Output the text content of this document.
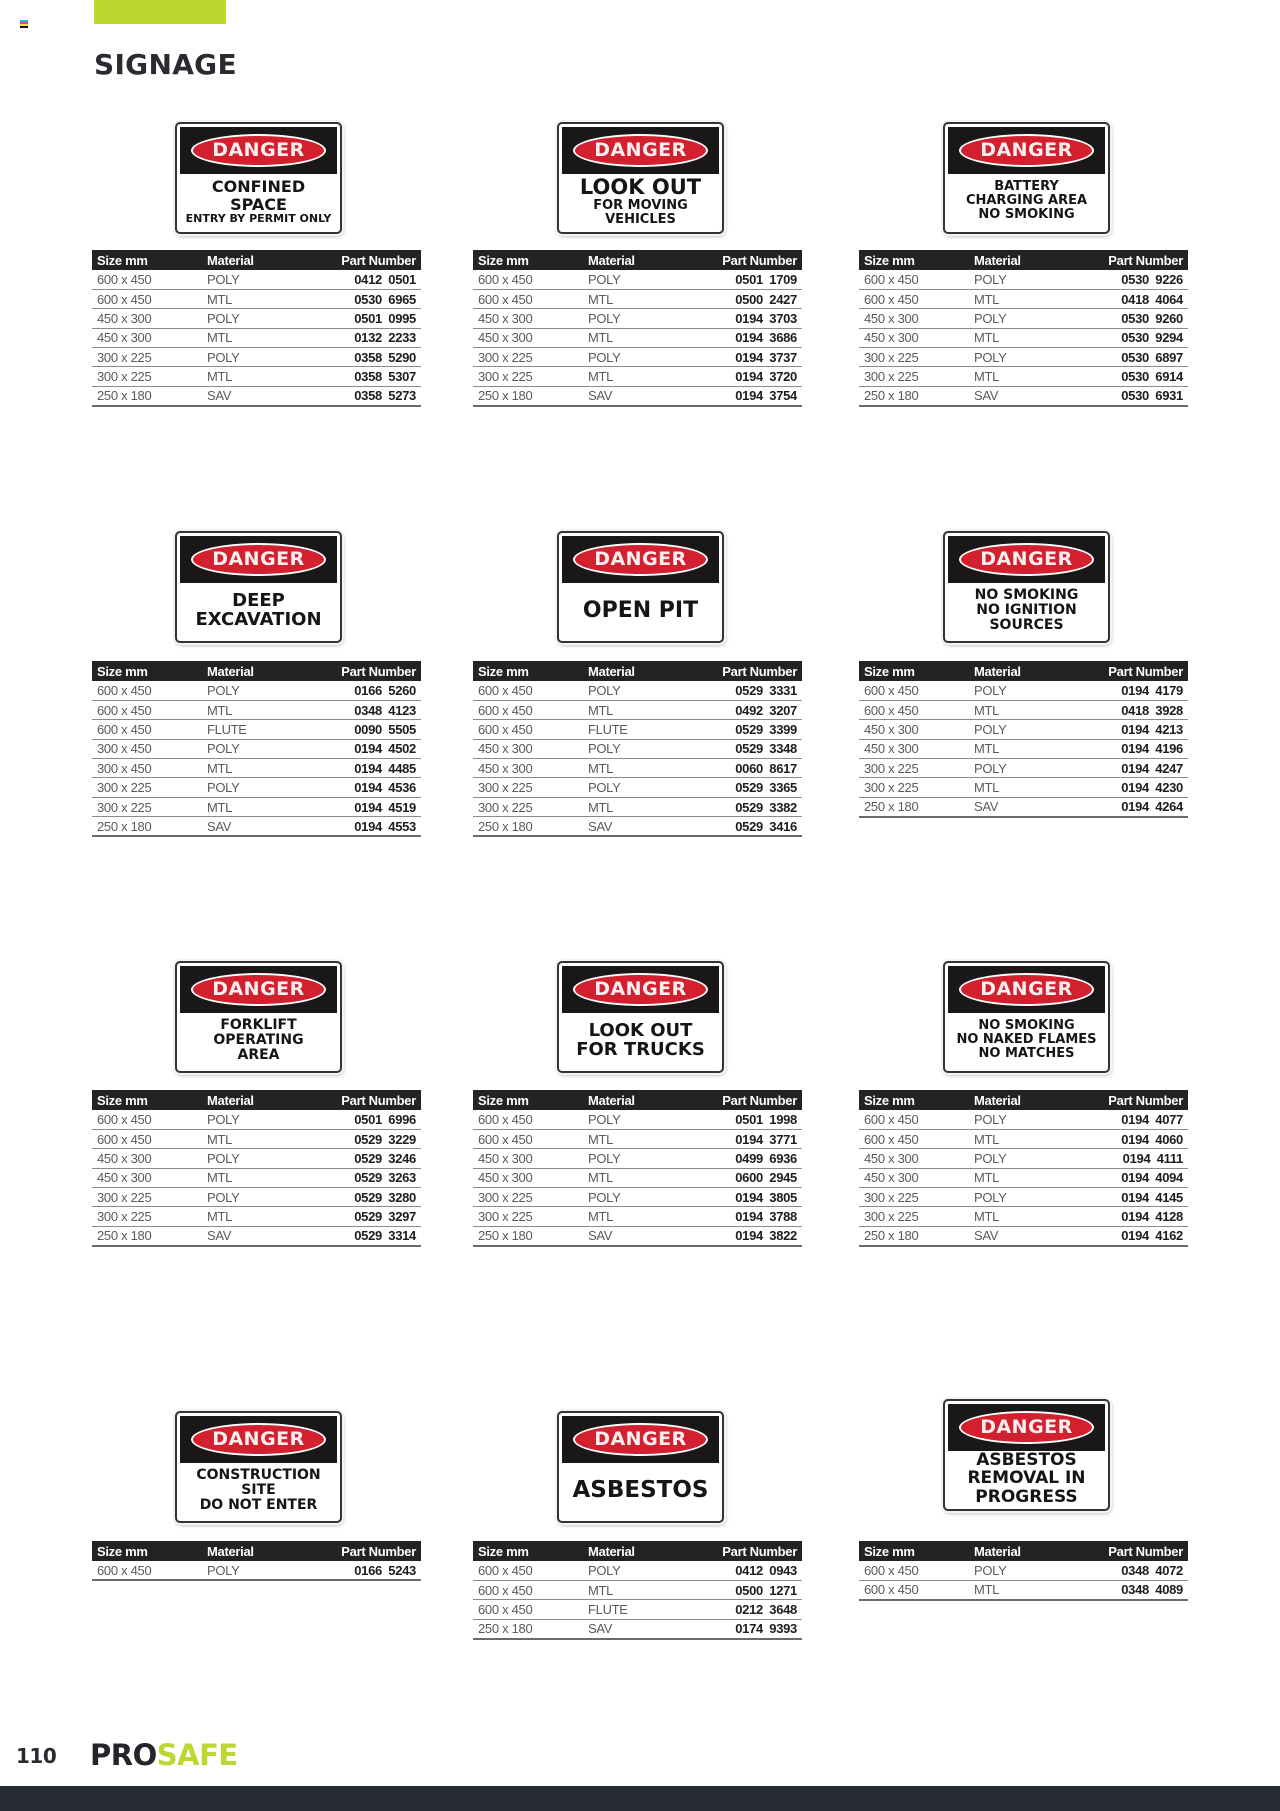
SIGNAGE
DANGER
CONFINED
SPACE
ENTRY BY PERMIT ONLY
Size mm	Material	Part Number
600 x 450	POLY	0412 0501
600 x 450	MTL	0530 6965
450 x 300	POLY	0501 0995
450 x 300	MTL	0132 2233
300 x 225	POLY	0358 5290
300 x 225	MTL	0358 5307
250 x 180	SAV	0358 5273
DANGER
LOOK OUT
FOR MOVING VEHICLES
Size mm	Material	Part Number
600 x 450	POLY	0501 1709
600 x 450	MTL	0500 2427
450 x 300	POLY	0194 3703
450 x 300	MTL	0194 3686
300 x 225	POLY	0194 3737
300 x 225	MTL	0194 3720
250 x 180	SAV	0194 3754
DANGER
BATTERY
CHARGING AREA
NO SMOKING
Size mm	Material	Part Number
600 x 450	POLY	0530 9226
600 x 450	MTL	0418 4064
450 x 300	POLY	0530 9260
450 x 300	MTL	0530 9294
300 x 225	POLY	0530 6897
300 x 225	MTL	0530 6914
250 x 180	SAV	0530 6931
DANGER
DEEP
EXCAVATION
Size mm	Material	Part Number
600 x 450	POLY	0166 5260
600 x 450	MTL	0348 4123
600 x 450	FLUTE	0090 5505
300 x 450	POLY	0194 4502
300 x 450	MTL	0194 4485
300 x 225	POLY	0194 4536
300 x 225	MTL	0194 4519
250 x 180	SAV	0194 4553
DANGER
OPEN PIT
Size mm	Material	Part Number
600 x 450	POLY	0529 3331
600 x 450	MTL	0492 3207
600 x 450	FLUTE	0529 3399
450 x 300	POLY	0529 3348
450 x 300	MTL	0060 8617
300 x 225	POLY	0529 3365
300 x 225	MTL	0529 3382
250 x 180	SAV	0529 3416
DANGER
NO SMOKING
NO IGNITION SOURCES
Size mm	Material	Part Number
600 x 450	POLY	0194 4179
600 x 450	MTL	0418 3928
450 x 300	POLY	0194 4213
450 x 300	MTL	0194 4196
300 x 225	POLY	0194 4247
300 x 225	MTL	0194 4230
250 x 180	SAV	0194 4264
DANGER
FORKLIFT
OPERATING
AREA
Size mm	Material	Part Number
600 x 450	POLY	0501 6996
600 x 450	MTL	0529 3229
450 x 300	POLY	0529 3246
450 x 300	MTL	0529 3263
300 x 225	POLY	0529 3280
300 x 225	MTL	0529 3297
250 x 180	SAV	0529 3314
DANGER
LOOK OUT
FOR TRUCKS
Size mm	Material	Part Number
600 x 450	POLY	0501 1998
600 x 450	MTL	0194 3771
450 x 300	POLY	0499 6936
450 x 300	MTL	0600 2945
300 x 225	POLY	0194 3805
300 x 225	MTL	0194 3788
250 x 180	SAV	0194 3822
DANGER
NO SMOKING
NO NAKED FLAMES
NO MATCHES
Size mm	Material	Part Number
600 x 450	POLY	0194 4077
600 x 450	MTL	0194 4060
450 x 300	POLY	0194 4111
450 x 300	MTL	0194 4094
300 x 225	POLY	0194 4145
300 x 225	MTL	0194 4128
250 x 180	SAV	0194 4162
DANGER
CONSTRUCTION
SITE
DO NOT ENTER
Size mm	Material	Part Number
600 x 450	POLY	0166 5243
DANGER
ASBESTOS
Size mm	Material	Part Number
600 x 450	POLY	0412 0943
600 x 450	MTL	0500 1271
600 x 450	FLUTE	0212 3648
250 x 180	SAV	0174 9393
DANGER
ASBESTOS
REMOVAL IN
PROGRESS
Size mm	Material	Part Number
600 x 450	POLY	0348 4072
600 x 450	MTL	0348 4089
110 PROSAFE
